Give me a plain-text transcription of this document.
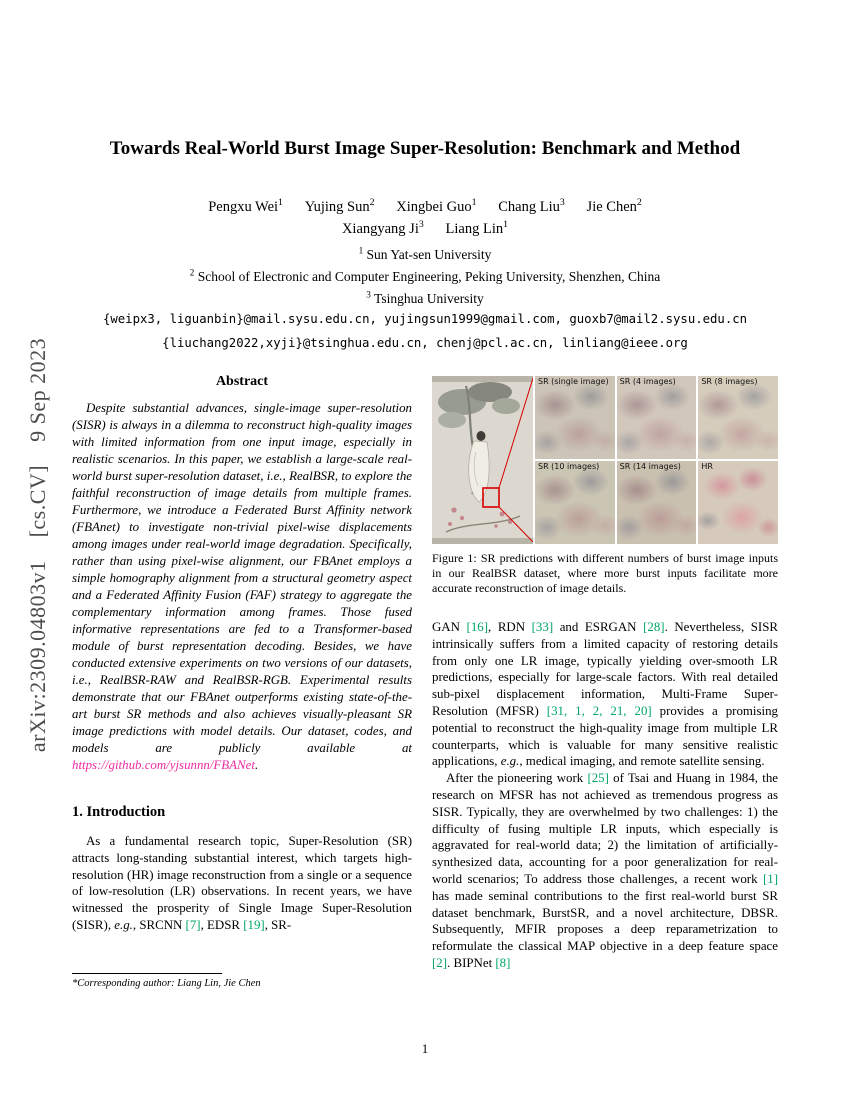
arXiv:2309.04803v1  [cs.CV]  9 Sep 2023
Towards Real-World Burst Image Super-Resolution: Benchmark and Method
Pengxu Wei$^1$    Yujing Sun$^2$    Xingbei Guo$^1$    Chang Liu$^3$    Jie Chen$^2$
Xiangyang Ji$^3$    Liang Lin$^1$
$^1$ Sun Yat-sen University
$^2$ School of Electronic and Computer Engineering, Peking University, Shenzhen, China
$^3$ Tsinghua University
{weipx3, liguanbin}@mail.sysu.edu.cn, yujingsun1999@gmail.com, guoxb7@mail2.sysu.edu.cn
{liuchang2022,xyji}@tsinghua.edu.cn, chenj@pcl.ac.cn, linliang@ieee.org
Abstract

Despite substantial advances, single-image super-resolution (SISR) is always in a dilemma to reconstruct high-quality images with limited information from one input image, especially in realistic scenarios. In this paper, we establish a large-scale real-world burst super-resolution dataset, i.e., RealBSR, to explore the faithful reconstruction of image details from multiple frames. Furthermore, we introduce a Federated Burst Affinity network (FBAnet) to investigate non-trivial pixel-wise displacements among images under real-world image degradation. Specifically, rather than using pixel-wise alignment, our FBAnet employs a simple homography alignment from a structural geometry aspect and a Federated Affinity Fusion (FAF) strategy to aggregate the complementary information among frames. Those fused informative representations are fed to a Transformer-based module of burst representation decoding. Besides, we have conducted extensive experiments on two versions of our datasets, i.e., RealBSR-RAW and RealBSR-RGB. Experimental results demonstrate that our FBAnet outperforms existing state-of-the-art burst SR methods and also achieves visually-pleasant SR image predictions with model details. Our dataset, codes, and models are publicly available at https://github.com/yjsunnn/FBANet.

1. Introduction

As a fundamental research topic, Super-Resolution (SR) attracts long-standing substantial interest, which targets high-resolution (HR) image reconstruction from a single or a sequence of low-resolution (LR) observations. In recent years, we have witnessed the prosperity of Single Image Super-Resolution (SISR), e.g., SRCNN [7], EDSR [19], SR-

SR (single image) SR (4 images)	SR (8 images)
SR (10 images)	SR (14 images)	HR
Figure 1: SR predictions with different numbers of burst image inputs in our RealBSR dataset, where more burst inputs facilitate more accurate reconstruction of image details.

GAN [16], RDN [33] and ESRGAN [28]. Nevertheless, SISR intrinsically suffers from a limited capacity of restoring details from only one LR image, typically yielding over-smooth LR predictions, especially for large-scale factors. With real detailed sub-pixel displacement information, Multi-Frame Super-Resolution (MFSR) [31, 1, 2, 21, 20] provides a promising potential to reconstruct the high-quality image from multiple LR counterparts, which is valuable for many sensitive realistic applications, e.g., medical imaging, and remote satellite sensing.

After the pioneering work [25] of Tsai and Huang in 1984, the research on MFSR has not achieved as tremendous progress as SISR. Typically, they are overwhelmed by two challenges: 1) the difficulty of fusing multiple LR inputs, which especially is aggravated for real-world data; 2) the limitation of artificially-synthesized data, accounting for a poor generalization for real-world scenarios; To address those challenges, a recent work [1] has made seminal contributions to the first real-world burst SR dataset benchmark, BurstSR, and a novel architecture, DBSR. Subsequently, MFIR proposes a deep reparametrization to reformulate the classical MAP objective in a deep feature space [2]. BIPNet [8]

*Corresponding author: Liang Lin, Jie Chen
1
